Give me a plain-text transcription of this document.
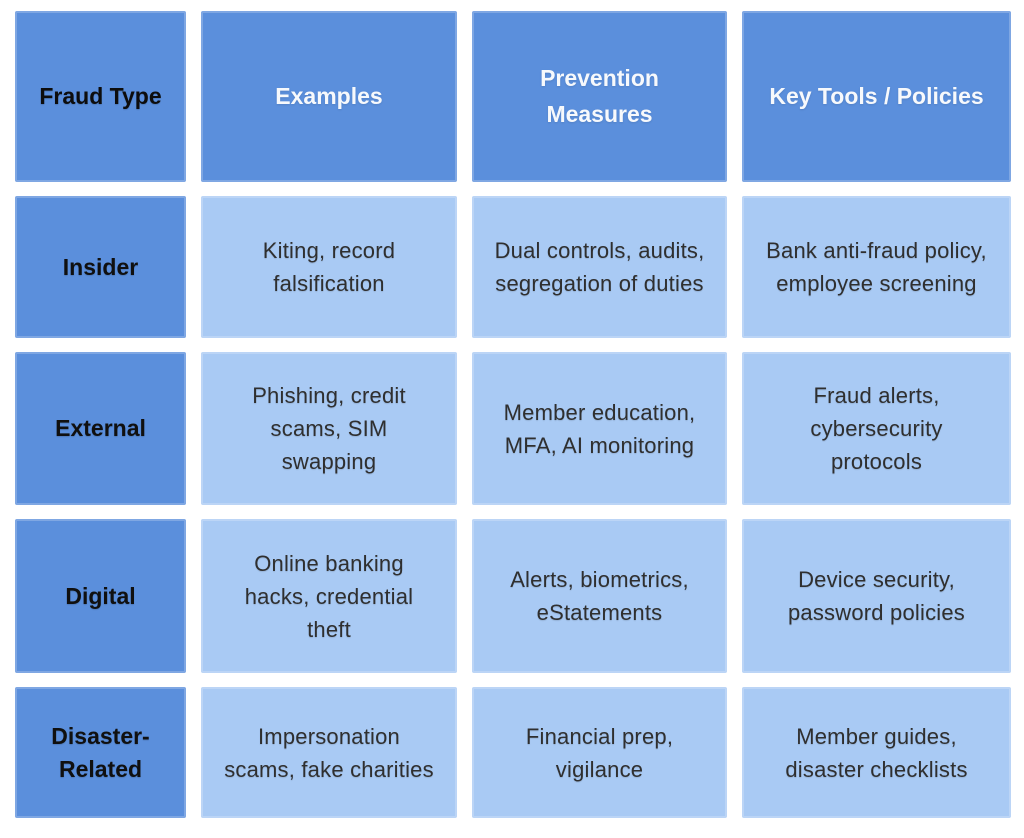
Fraud Type	Examples
Prevention Measures
Key Tools / Policies
Insider
Kiting, record falsification
Dual controls, audits, segregation of duties
Bank anti-fraud policy, employee screening
External
Phishing, credit scams, SIM swapping
Member education, MFA, AI monitoring
Fraud alerts, cybersecurity protocols
Digital
Online banking hacks, credential theft
Alerts, biometrics, eStatements
Device security, password policies
Disaster-Related
Impersonation scams, fake charities
Financial prep, vigilance
Member guides, disaster checklists
